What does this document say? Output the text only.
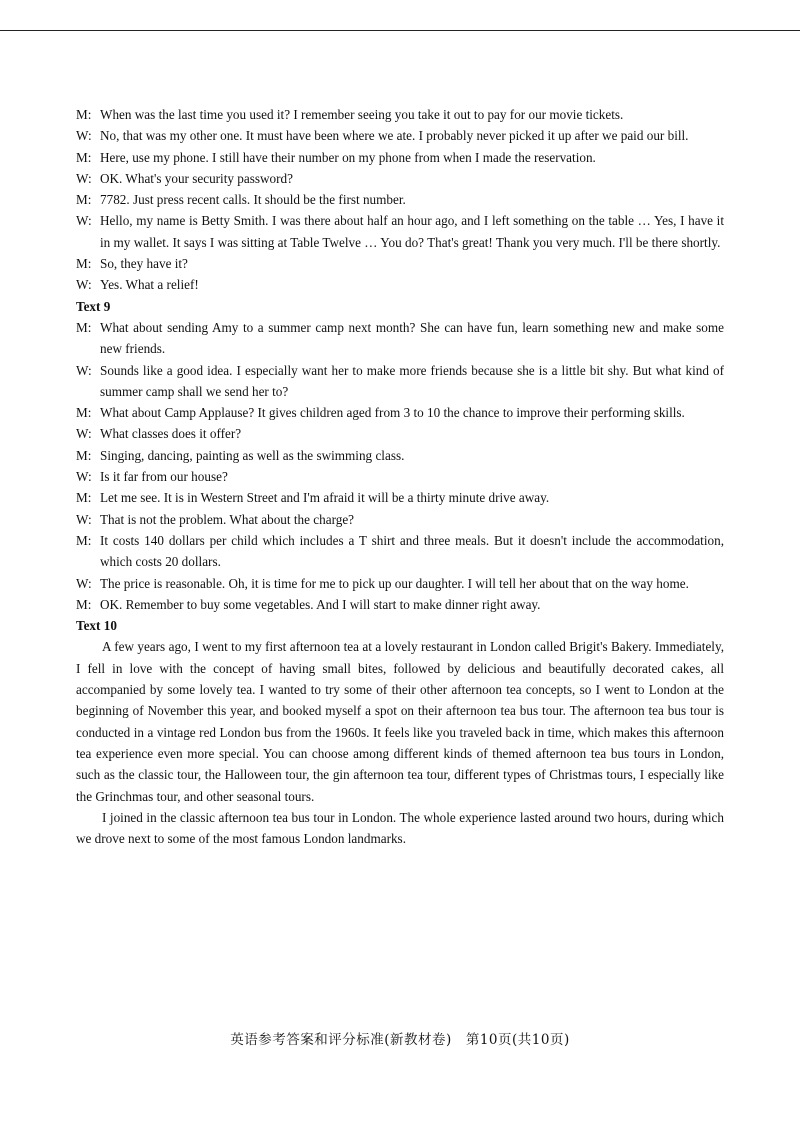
M: When was the last time you used it? I remember seeing you take it out to pay for our movie tickets.
W: No, that was my other one. It must have been where we ate. I probably never picked it up after we paid our bill.
M: Here, use my phone. I still have their number on my phone from when I made the reservation.
W: OK. What's your security password?
M: 7782. Just press recent calls. It should be the first number.
W: Hello, my name is Betty Smith. I was there about half an hour ago, and I left something on the table … Yes, I have it in my wallet. It says I was sitting at Table Twelve … You do? That's great! Thank you very much. I'll be there shortly.
M: So, they have it?
W: Yes. What a relief!
Text 9
M: What about sending Amy to a summer camp next month? She can have fun, learn something new and make some new friends.
W: Sounds like a good idea. I especially want her to make more friends because she is a little bit shy. But what kind of summer camp shall we send her to?
M: What about Camp Applause? It gives children aged from 3 to 10 the chance to improve their performing skills.
W: What classes does it offer?
M: Singing, dancing, painting as well as the swimming class.
W: Is it far from our house?
M: Let me see. It is in Western Street and I'm afraid it will be a thirty minute drive away.
W: That is not the problem. What about the charge?
M: It costs 140 dollars per child which includes a T shirt and three meals. But it doesn't include the accommodation, which costs 20 dollars.
W: The price is reasonable. Oh, it is time for me to pick up our daughter. I will tell her about that on the way home.
M: OK. Remember to buy some vegetables. And I will start to make dinner right away.
Text 10

A few years ago, I went to my first afternoon tea at a lovely restaurant in London called Brigit's Bakery. Immediately, I fell in love with the concept of having small bites, followed by delicious and beautifully decorated cakes, all accompanied by some lovely tea. I wanted to try some of their other afternoon tea concepts, so I went to London at the beginning of November this year, and booked myself a spot on their afternoon tea bus tour. The afternoon tea bus tour is conducted in a vintage red London bus from the 1960s. It feels like you traveled back in time, which makes this afternoon tea experience even more special. You can choose among different kinds of themed afternoon tea bus tours in London, such as the classic tour, the Halloween tour, the gin afternoon tea tour, different types of Christmas tours, I especially like the Grinchmas tour, and other seasonal tours.

I joined in the classic afternoon tea bus tour in London. The whole experience lasted around two hours, during which we drove next to some of the most famous London landmarks.

英语参考答案和评分标准(新教材卷)　第10页(共10页)
